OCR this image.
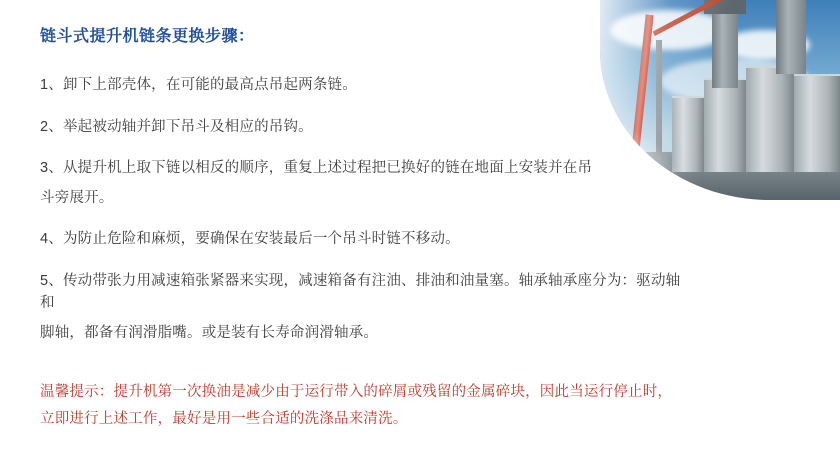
链斗式提升机链条更换步骤：

1、卸下上部壳体，在可能的最高点吊起两条链。

2、举起被动轴并卸下吊斗及相应的吊钩。

3、从提升机上取下链以相反的顺序，重复上述过程把已换好的链在地面上安装并在吊

斗旁展开。

4、为防止危险和麻烦，要确保在安装最后一个吊斗时链不移动。

5、传动带张力用减速箱张紧器来实现，减速箱备有注油、排油和油量塞。轴承轴承座分为：驱动轴和

脚轴，都备有润滑脂嘴。或是装有长寿命润滑轴承。

温馨提示：提升机第一次换油是减少由于运行带入的碎屑或残留的金属碎块，因此当运行停止时，

立即进行上述工作，最好是用一些合适的洗涤品来清洗。
